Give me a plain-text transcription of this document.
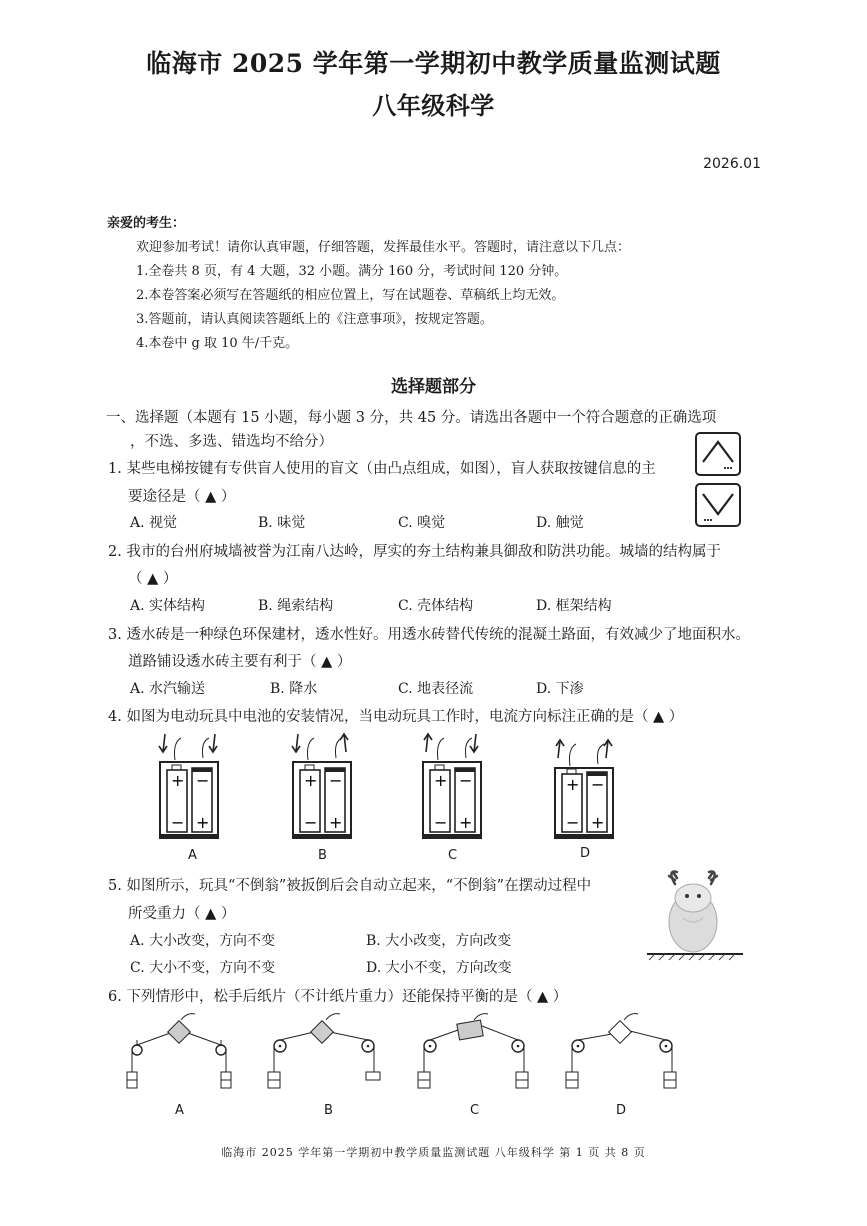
临海市 2025 学年第一学期初中教学质量监测试题
八年级科学
2026.01
亲爱的考生：
欢迎参加考试！请你认真审题，仔细答题，发挥最佳水平。答题时，请注意以下几点：
1.全卷共 8 页，有 4 大题，32 小题。满分 160 分，考试时间 120 分钟。
2.本卷答案必须写在答题纸的相应位置上，写在试题卷、草稿纸上均无效。
3.答题前，请认真阅读答题纸上的《注意事项》，按规定答题。
4.本卷中 g 取 10 牛/千克。
选择题部分
一、选择题（本题有 15 小题，每小题 3 分，共 45 分。请选出各题中一个符合题意的正确选项
，不选、多选、错选均不给分）
1. 某些电梯按键有专供盲人使用的盲文（由凸点组成，如图），盲人获取按键信息的主
要途径是（ ▲ ）
A. 视觉	B. 味觉	C. 嗅觉	D. 触觉
2. 我市的台州府城墙被誉为江南八达岭，厚实的夯土结构兼具御敌和防洪功能。城墙的结构属于
（ ▲ ）
A. 实体结构	B. 绳索结构	C. 壳体结构	D. 框架结构
3. 透水砖是一种绿色环保建材，透水性好。用透水砖替代传统的混凝土路面，有效减少了地面积水。
道路铺设透水砖主要有利于（ ▲ ）
A. 水汽输送	B. 降水	C. 地表径流	D. 下渗
4. 如图为电动玩具中电池的安装情况，当电动玩具工作时，电流方向标注正确的是（ ▲ ）
+
−
−
+
A
+
−
−
+
B
+
−
−
+
C
+
−
−
+
D
5. 如图所示，玩具“不倒翁”被扳倒后会自动立起来，“不倒翁”在摆动过程中
所受重力（ ▲ ）
A. 大小改变，方向不变	B. 大小改变，方向改变
C. 大小不变，方向不变	D. 大小不变，方向改变
6. 下列情形中，松手后纸片（不计纸片重力）还能保持平衡的是（ ▲ ）
A	B	C	D
临海市 2025 学年第一学期初中教学质量监测试题 八年级科学 第 1 页 共 8 页
